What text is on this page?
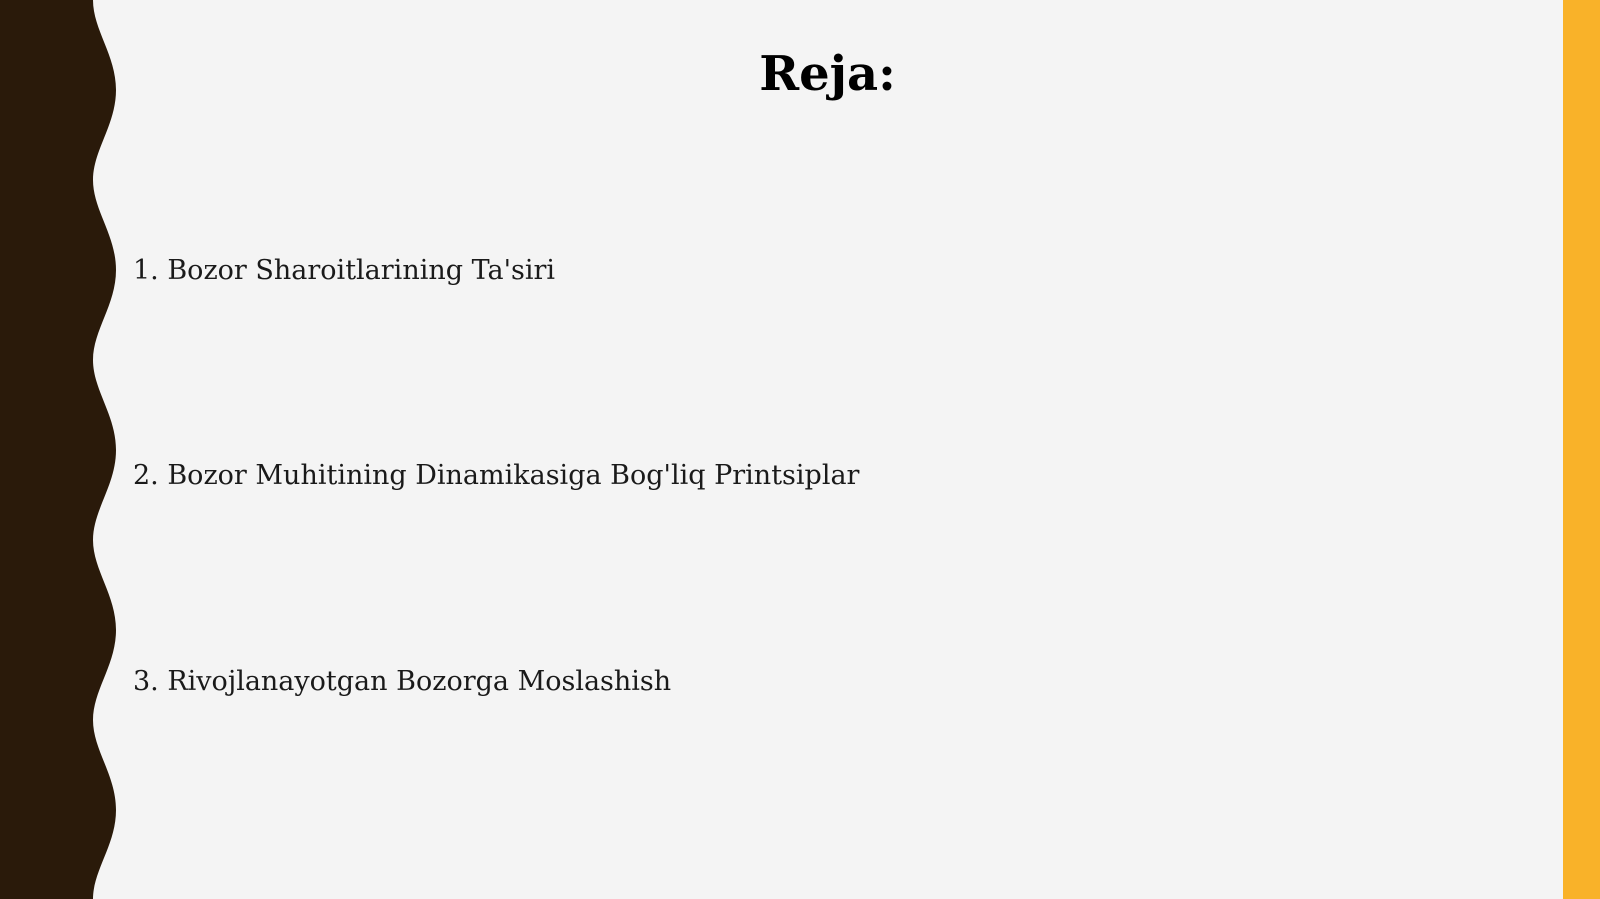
Reja:

1. Bozor Sharoitlarining Ta'siri

2. Bozor Muhitining Dinamikasiga Bog'liq Printsiplar

3. Rivojlanayotgan Bozorga Moslashish
